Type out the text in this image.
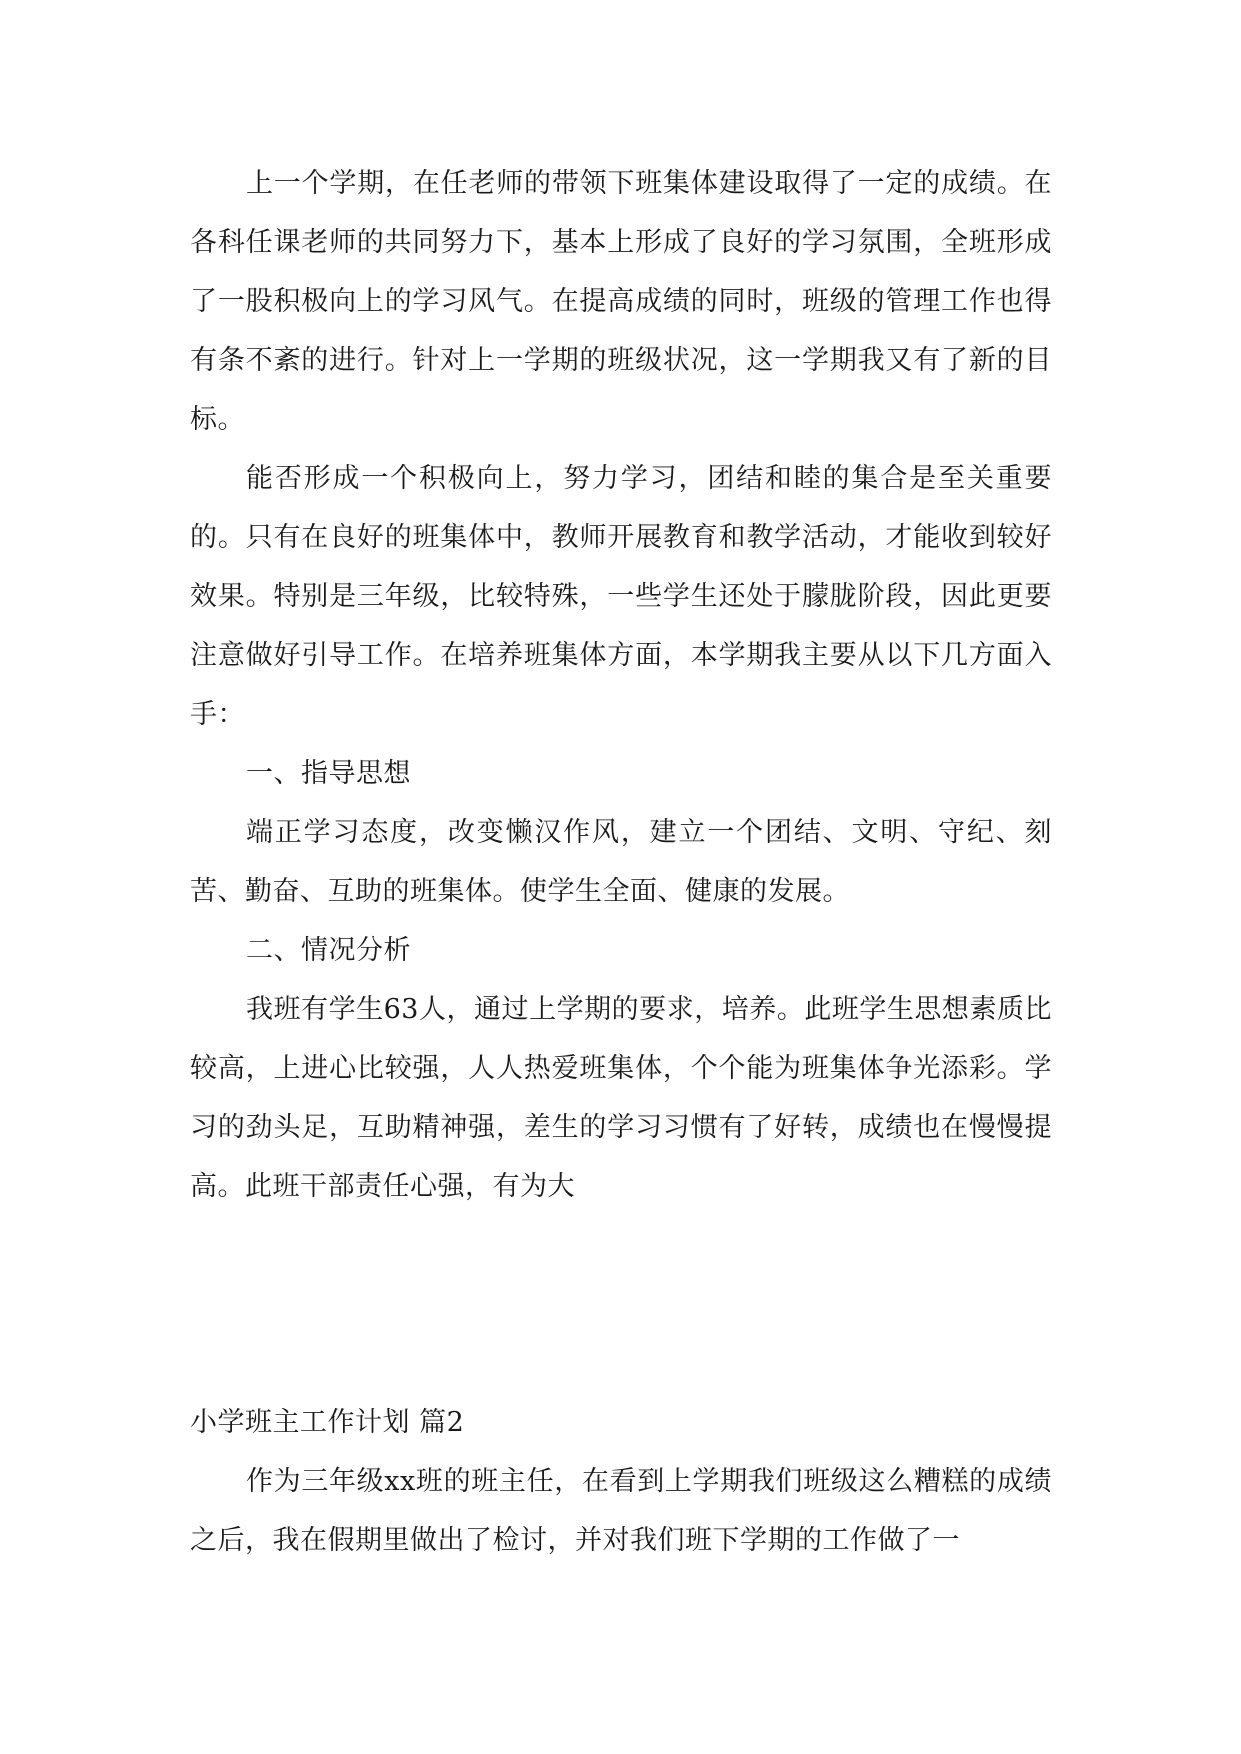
上一个学期，在任老师的带领下班集体建设取得了一定的成绩。在各科任课老师的共同努力下，基本上形成了良好的学习氛围，全班形成了一股积极向上的学习风气。在提高成绩的同时，班级的管理工作也得有条不紊的进行。针对上一学期的班级状况，这一学期我又有了新的目标。

能否形成一个积极向上，努力学习，团结和睦的集合是至关重要的。只有在良好的班集体中，教师开展教育和教学活动，才能收到较好效果。特别是三年级，比较特殊，一些学生还处于朦胧阶段，因此更要注意做好引导工作。在培养班集体方面，本学期我主要从以下几方面入手：

一、指导思想

端正学习态度，改变懒汉作风，建立一个团结、文明、守纪、刻苦、勤奋、互助的班集体。使学生全面、健康的发展。

二、情况分析

我班有学生63人，通过上学期的要求，培养。此班学生思想素质比较高，上进心比较强，人人热爱班集体，个个能为班集体争光添彩。学习的劲头足，互助精神强，差生的学习习惯有了好转，成绩也在慢慢提高。此班干部责任心强，有为大

小学班主工作计划 篇2

作为三年级xx班的班主任，在看到上学期我们班级这么糟糕的成绩之后，我在假期里做出了检讨，并对我们班下学期的工作做了一
